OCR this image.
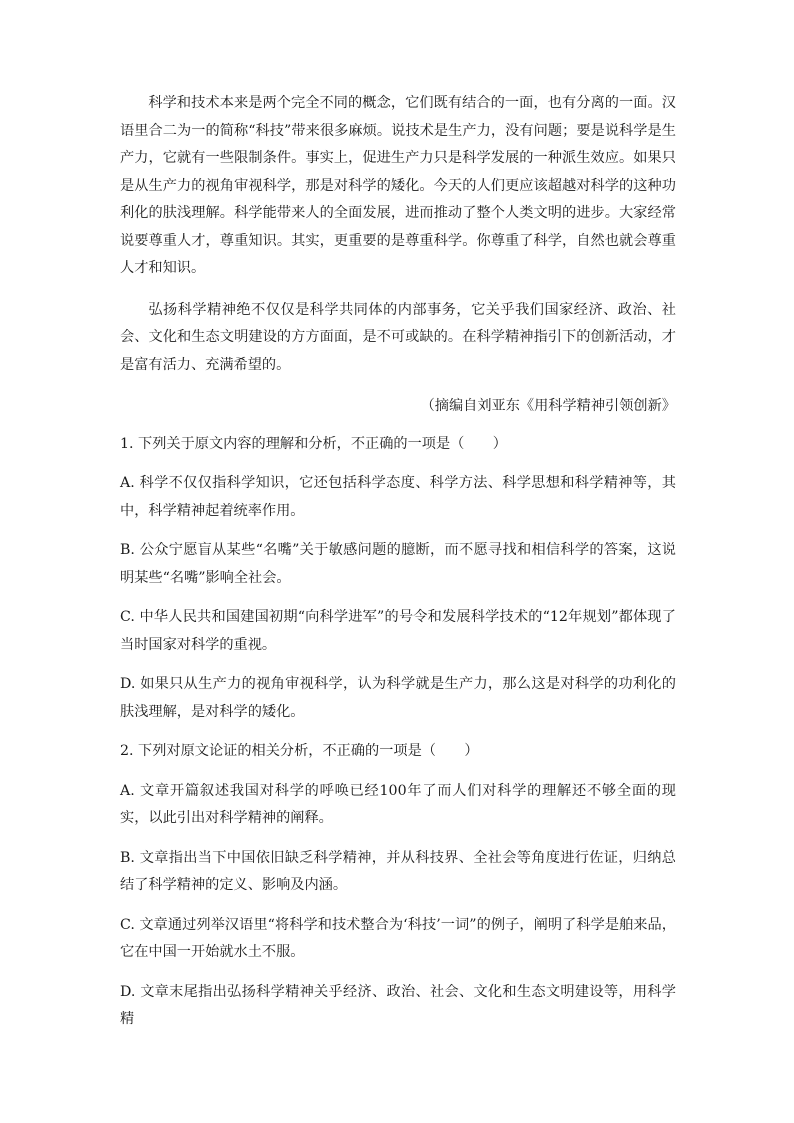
科学和技术本来是两个完全不同的概念，它们既有结合的一面，也有分离的一面。汉语里合二为一的简称“科技”带来很多麻烦。说技术是生产力，没有问题；要是说科学是生产力，它就有一些限制条件。事实上，促进生产力只是科学发展的一种派生效应。如果只是从生产力的视角审视科学，那是对科学的矮化。今天的人们更应该超越对科学的这种功利化的肤浅理解。科学能带来人的全面发展，进而推动了整个人类文明的进步。大家经常说要尊重人才，尊重知识。其实，更重要的是尊重科学。你尊重了科学，自然也就会尊重人才和知识。

弘扬科学精神绝不仅仅是科学共同体的内部事务，它关乎我们国家经济、政治、社会、文化和生态文明建设的方方面面，是不可或缺的。在科学精神指引下的创新活动，才是富有活力、充满希望的。

（摘编自刘亚东《用科学精神引领创新》

1. 下列关于原文内容的理解和分析，不正确的一项是（　　）

A. 科学不仅仅指科学知识，它还包括科学态度、科学方法、科学思想和科学精神等，其中，科学精神起着统率作用。

B. 公众宁愿盲从某些“名嘴”关于敏感问题的臆断，而不愿寻找和相信科学的答案，这说明某些“名嘴”影响全社会。

C. 中华人民共和国建国初期“向科学进军”的号令和发展科学技术的“12年规划”都体现了当时国家对科学的重视。

D. 如果只从生产力的视角审视科学，认为科学就是生产力，那么这是对科学的功利化的肤浅理解，是对科学的矮化。

2. 下列对原文论证的相关分析，不正确的一项是（　　）

A. 文章开篇叙述我国对科学的呼唤已经100年了而人们对科学的理解还不够全面的现实，以此引出对科学精神的阐释。

B. 文章指出当下中国依旧缺乏科学精神，并从科技界、全社会等角度进行佐证，归纳总结了科学精神的定义、影响及内涵。

C. 文章通过列举汉语里“将科学和技术整合为‘科技’一词”的例子，阐明了科学是舶来品，它在中国一开始就水土不服。

D. 文章末尾指出弘扬科学精神关乎经济、政治、社会、文化和生态文明建设等，用科学精
